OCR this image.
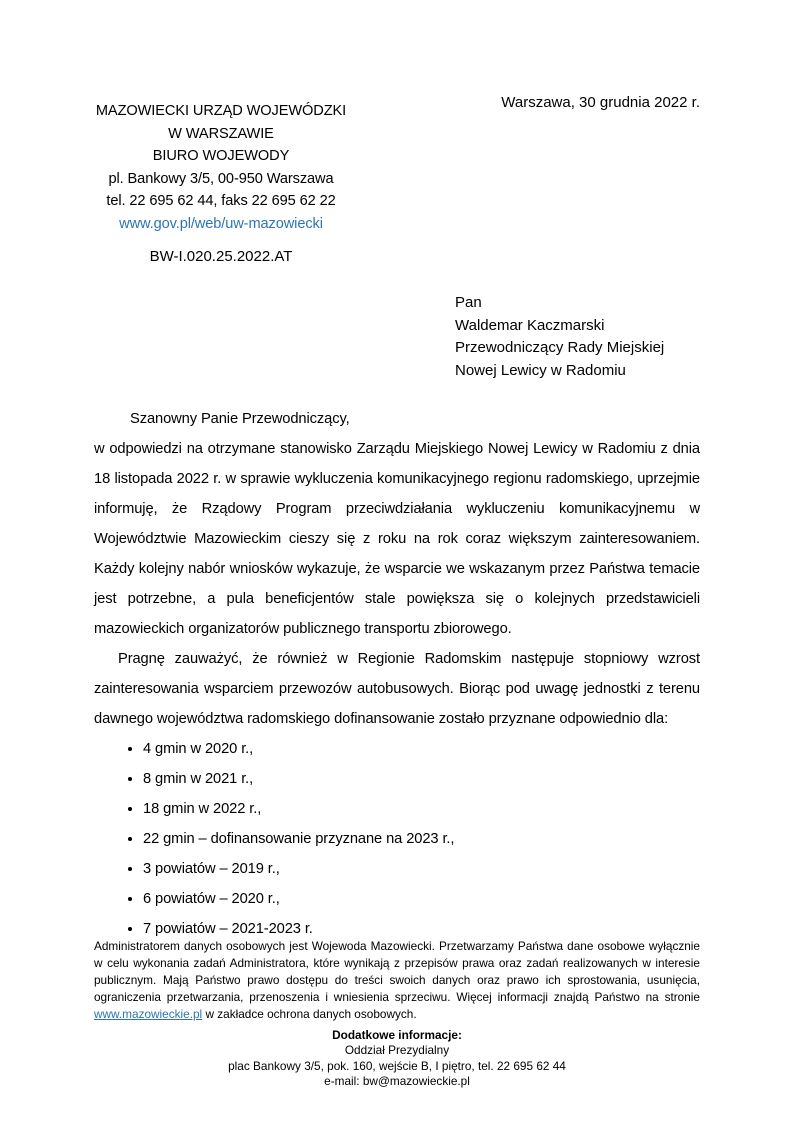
Warszawa, 30 grudnia 2022 r.
MAZOWIECKI URZĄD WOJEWÓDZKI
W WARSZAWIE
BIURO WOJEWODY
pl. Bankowy 3/5, 00-950 Warszawa
tel. 22 695 62 44, faks 22 695 62 22
www.gov.pl/web/uw-mazowiecki
BW-I.020.25.2022.AT
Pan
Waldemar Kaczmarski
Przewodniczący Rady Miejskiej
Nowej Lewicy w Radomiu

Szanowny Panie Przewodniczący,

w odpowiedzi na otrzymane stanowisko Zarządu Miejskiego Nowej Lewicy w Radomiu z dnia 18 listopada 2022 r. w sprawie wykluczenia komunikacyjnego regionu radomskiego, uprzejmie informuję, że Rządowy Program przeciwdziałania wykluczeniu komunikacyjnemu w Województwie Mazowieckim cieszy się z roku na rok coraz większym zainteresowaniem. Każdy kolejny nabór wniosków wykazuje, że wsparcie we wskazanym przez Państwa temacie jest potrzebne, a pula beneficjentów stale powiększa się o kolejnych przedstawicieli mazowieckich organizatorów publicznego transportu zbiorowego.

Pragnę zauważyć, że również w Regionie Radomskim następuje stopniowy wzrost zainteresowania wsparciem przewozów autobusowych. Biorąc pod uwagę jednostki z terenu dawnego województwa radomskiego dofinansowanie zostało przyznane odpowiednio dla:

• 4 gmin w 2020 r.,
• 8 gmin w 2021 r.,
• 18 gmin w 2022 r.,
• 22 gmin – dofinansowanie przyznane na 2023 r.,
• 3 powiatów – 2019 r.,
• 6 powiatów – 2020 r.,
• 7 powiatów – 2021-2023 r.

Administratorem danych osobowych jest Wojewoda Mazowiecki. Przetwarzamy Państwa dane osobowe wyłącznie w celu wykonania zadań Administratora, które wynikają z przepisów prawa oraz zadań realizowanych w interesie publicznym. Mają Państwo prawo dostępu do treści swoich danych oraz prawo ich sprostowania, usunięcia, ograniczenia przetwarzania, przenoszenia i wniesienia sprzeciwu. Więcej informacji znajdą Państwo na stronie www.mazowieckie.pl w zakładce ochrona danych osobowych.

Dodatkowe informacje:
Oddział Prezydialny
plac Bankowy 3/5, pok. 160, wejście B, I piętro, tel. 22 695 62 44
e-mail: bw@mazowieckie.pl
